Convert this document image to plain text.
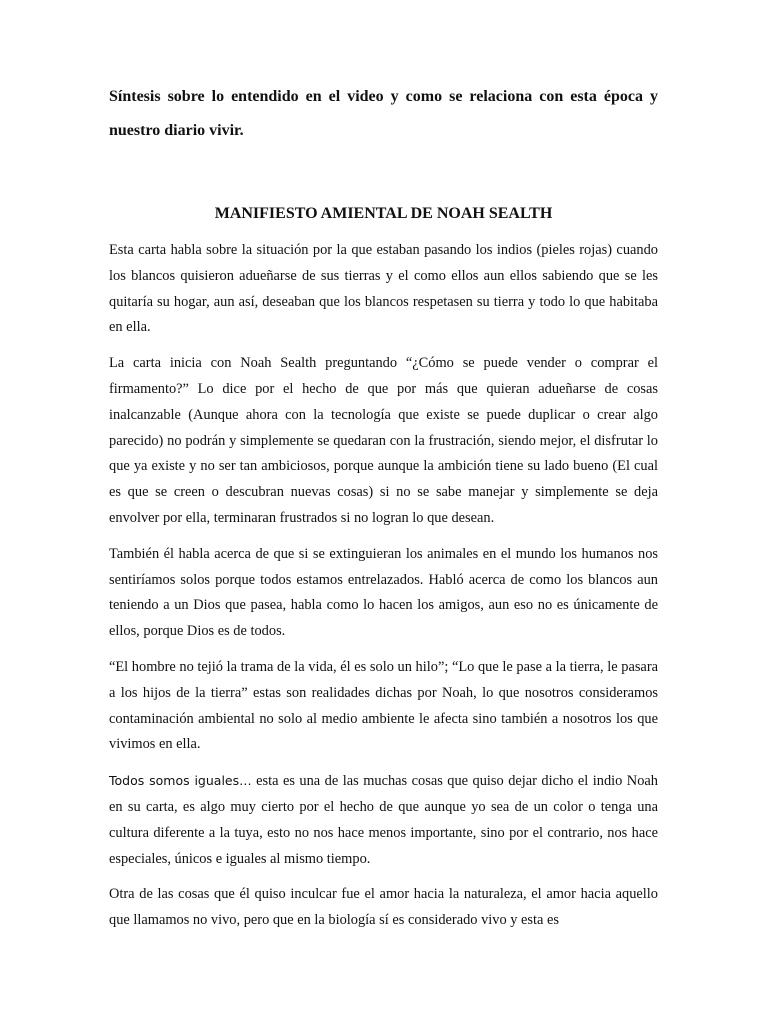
Síntesis sobre lo entendido en el video y como se relaciona con esta época y nuestro diario vivir.

MANIFIESTO AMIENTAL DE NOAH SEALTH

Esta carta habla sobre la situación por la que estaban pasando los indios (pieles rojas) cuando los blancos quisieron adueñarse de sus tierras y el como ellos aun ellos sabiendo que se les quitaría su hogar, aun así, deseaban que los blancos respetasen su tierra y todo lo que habitaba en ella.

La carta inicia con Noah Sealth preguntando “¿Cómo se puede vender o comprar el firmamento?” Lo dice por el hecho de que por más que quieran adueñarse de cosas inalcanzable (Aunque ahora con la tecnología que existe se puede duplicar o crear algo parecido) no podrán y simplemente se quedaran con la frustración, siendo mejor, el disfrutar lo que ya existe y no ser tan ambiciosos, porque aunque la ambición tiene su lado bueno (El cual es que se creen o descubran nuevas cosas) si no se sabe manejar y simplemente se deja envolver por ella, terminaran frustrados si no logran lo que desean.

También él habla acerca de que si se extinguieran los animales en el mundo los humanos nos sentiríamos solos porque todos estamos entrelazados. Habló acerca de como los blancos aun teniendo a un Dios que pasea, habla como lo hacen los amigos, aun eso no es únicamente de ellos, porque Dios es de todos.

“El hombre no tejió la trama de la vida, él es solo un hilo”; “Lo que le pase a la tierra, le pasara a los hijos de la tierra” estas son realidades dichas por Noah, lo que nosotros consideramos contaminación ambiental no solo al medio ambiente le afecta sino también a nosotros los que vivimos en ella.

Todos somos iguales… esta es una de las muchas cosas que quiso dejar dicho el indio Noah en su carta, es algo muy cierto por el hecho de que aunque yo sea de un color o tenga una cultura diferente a la tuya, esto no nos hace menos importante, sino por el contrario, nos hace especiales, únicos e iguales al mismo tiempo.

Otra de las cosas que él quiso inculcar fue el amor hacia la naturaleza, el amor hacia aquello que llamamos no vivo, pero que en la biología sí es considerado vivo y esta es
